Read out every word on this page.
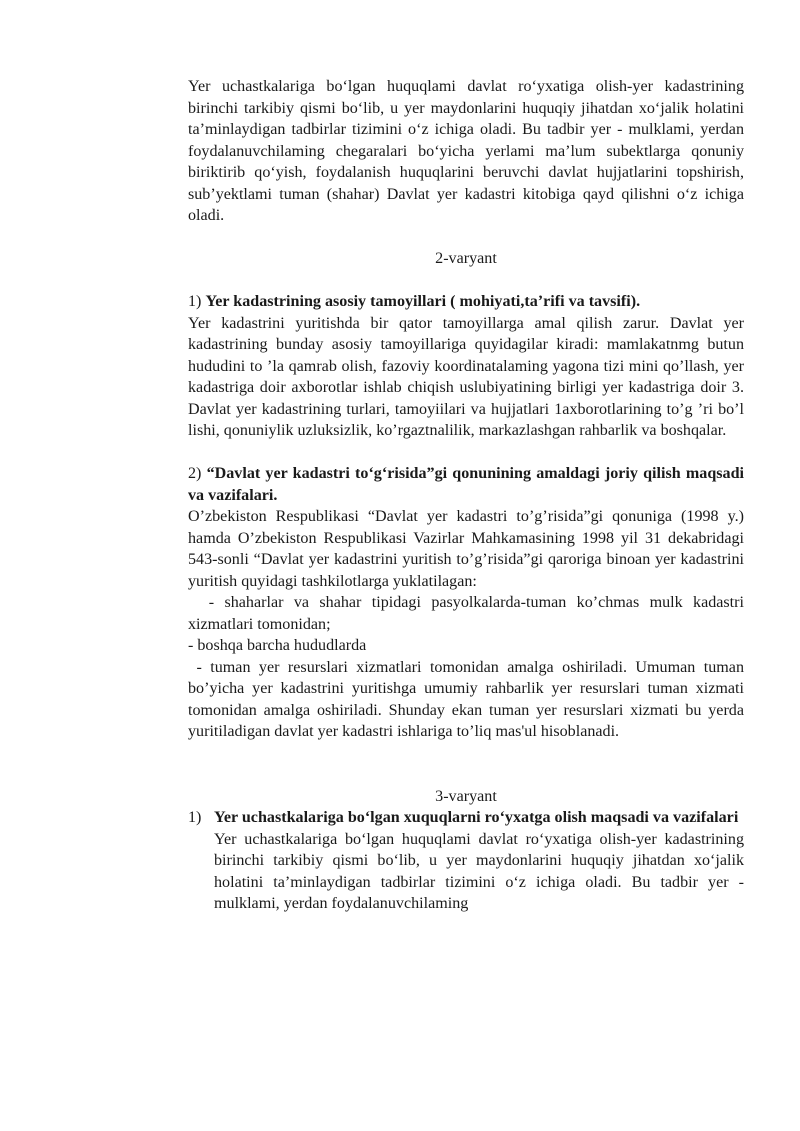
Yer uchastkalariga bo‘lgan huquqlami davlat ro‘yxatiga olish-yer kadastrining birinchi tarkibiy qismi bo‘lib, u yer maydonlarini huquqiy jihatdan xo‘jalik holatini ta’minlaydigan tadbirlar tizimini o‘z ichiga oladi. Bu tadbir yer - mulklami, yerdan foydalanuvchilaming chegaralari bo‘yicha yerlami ma’lum subektlarga qonuniy biriktirib qo‘yish, foydalanish huquqlarini beruvchi davlat hujjatlarini topshirish, sub’yektlami tuman (shahar) Davlat yer kadastri kitobiga qayd qilishni o‘z ichiga oladi.

2-varyant

1) Yer kadastrining asosiy tamoyillari ( mohiyati,ta’rifi va tavsifi).

Yer kadastrini yuritishda bir qator tamoyillarga amal qilish zarur. Davlat yer kadastrining bunday asosiy tamoyillariga quyidagilar kiradi: mamlakatnmg butun hududini to ’la qamrab olish, fazoviy koordinatalaming yagona tizi mini qo’llash, yer kadastriga doir axborotlar ishlab chiqish uslubiyatining birligi yer kadastriga doir 3. Davlat yer kadastrining turlari, tamoyiilari va hujjatlari 1axborotlarining to’g ’ri bo’l lishi, qonuniylik uzluksizlik, ko’rgaztnalilik, markazlashgan rahbarlik va boshqalar.

2) “Davlat yer kadastri to‘g‘risida”gi qonunining amaldagi joriy qilish maqsadi va vazifalari.

O’zbekiston Respublikasi “Davlat yer kadastri to’g’risida”gi qonuniga (1998 y.) hamda O’zbekiston Respublikasi Vazirlar Mahkamasining 1998 yil 31 dekabridagi 543-sonli “Davlat yer kadastrini yuritish to’g’risida”gi qaroriga binoan yer kadastrini yuritish quyidagi tashkilotlarga yuklatilagan:

- shaharlar va shahar tipidagi pasyolkalarda-tuman ko’chmas mulk kadastri xizmatlari tomonidan;

- boshqa barcha hududlarda

- tuman yer resurslari xizmatlari tomonidan amalga oshiriladi. Umuman tuman bo’yicha yer kadastrini yuritishga umumiy rahbarlik yer resurslari tuman xizmati tomonidan amalga oshiriladi. Shunday ekan tuman yer resurslari xizmati bu yerda yuritiladigan davlat yer kadastri ishlariga to’liq mas'ul hisoblanadi.

3-varyant

1) Yer uchastkalariga bo‘lgan xuquqlarni ro‘yxatga olish maqsadi va vazifalari

Yer uchastkalariga bo‘lgan huquqlami davlat ro‘yxatiga olish-yer kadastrining birinchi tarkibiy qismi bo‘lib, u yer maydonlarini huquqiy jihatdan xo‘jalik holatini ta’minlaydigan tadbirlar tizimini o‘z ichiga oladi. Bu tadbir yer - mulklami, yerdan foydalanuvchilaming
